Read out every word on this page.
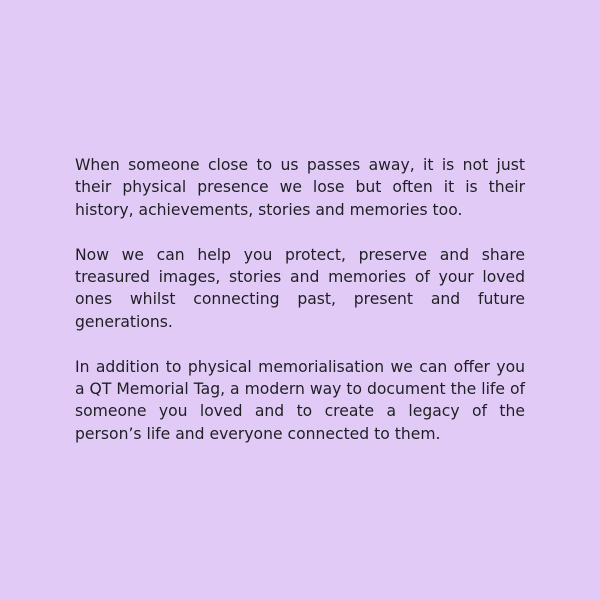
When someone close to us passes away, it is not just their physical presence we lose but often it is their history, achievements, stories and memories too.

Now we can help you protect, preserve and share treasured images, stories and memories of your loved ones whilst connecting past, present and future generations.

In addition to physical memorialisation we can offer you a QT Memorial Tag, a modern way to document the life of someone you loved and to create a legacy of the person’s life and everyone connected to them.
